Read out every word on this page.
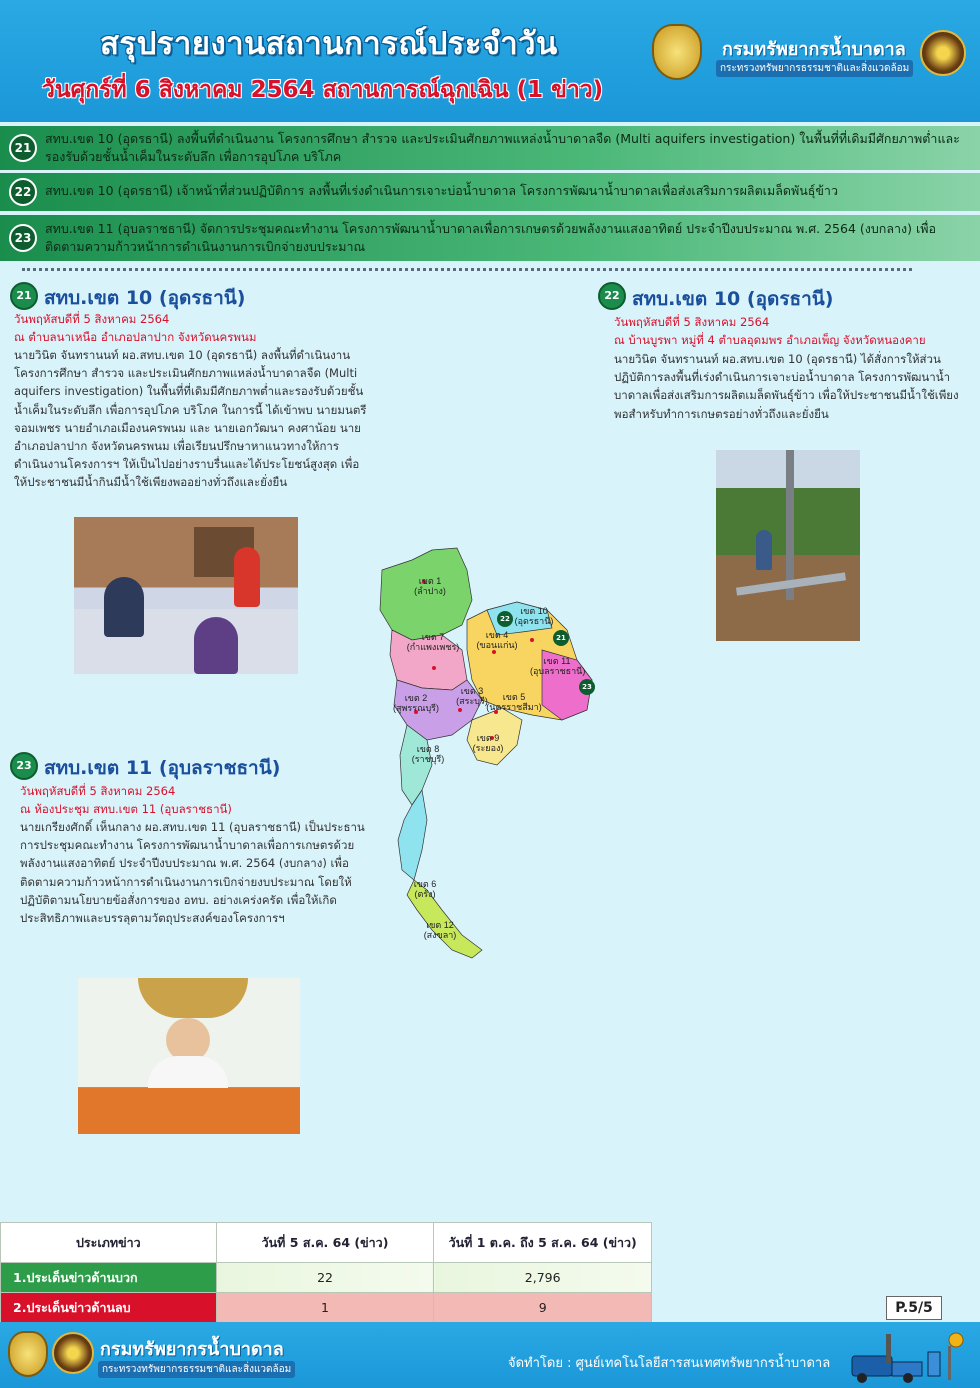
สรุปรายงานสถานการณ์ประจำวัน
วันศุกร์ที่ 6 สิงหาคม 2564 สถานการณ์ฉุกเฉิน (1 ข่าว)
กรมทรัพยากรน้ำบาดาล
กระทรวงทรัพยากรธรรมชาติและสิ่งแวดล้อม
21
สทบ.เขต 10 (อุดรธานี) ลงพื้นที่ดำเนินงาน โครงการศึกษา สำรวจ และประเมินศักยภาพแหล่งน้ำบาดาลจืด (Multi aquifers investigation) ในพื้นที่ที่เดิมมีศักยภาพต่ำและรองรับด้วยชั้นน้ำเค็มในระดับลึก เพื่อการอุปโภค บริโภค
22	สทบ.เขต 10 (อุดรธานี) เจ้าหน้าที่ส่วนปฏิบัติการ ลงพื้นที่เร่งดำเนินการเจาะบ่อน้ำบาดาล โครงการพัฒนาน้ำบาดาลเพื่อส่งเสริมการผลิตเมล็ดพันธุ์ข้าว
23
สทบ.เขต 11 (อุบลราชธานี) จัดการประชุมคณะทำงาน โครงการพัฒนาน้ำบาดาลเพื่อการเกษตรด้วยพลังงานแสงอาทิตย์ ประจำปีงบประมาณ พ.ศ. 2564 (งบกลาง) เพื่อติดตามความก้าวหน้าการดำเนินงานการเบิกจ่ายงบประมาณ
21 สทบ.เขต 10 (อุดรธานี)
วันพฤหัสบดีที่ 5 สิงหาคม 2564
ณ ตำบลนาเหนือ อำเภอปลาปาก จังหวัดนครพนม
นายวินิต จันทรานนท์ ผอ.สทบ.เขต 10 (อุดรธานี) ลงพื้นที่ดำเนินงาน โครงการศึกษา สำรวจ และประเมินศักยภาพแหล่งน้ำบาดาลจืด (Multi aquifers investigation) ในพื้นที่ที่เดิมมีศักยภาพต่ำและรองรับด้วยชั้นน้ำเค็มในระดับลึก เพื่อการอุปโภค บริโภค ในการนี้ ได้เข้าพบ นายมนตรี จอมเพชร นายอำเภอเมืองนครพนม และ นายเอกวัฒนา คงศาน้อย นายอำเภอปลาปาก จังหวัดนครพนม เพื่อเรียนปรึกษาหาแนวทางให้การดำเนินงานโครงการฯ ให้เป็นไปอย่างราบรื่นและได้ประโยชน์สูงสุด เพื่อให้ประชาชนมีน้ำกินมีน้ำใช้เพียงพออย่างทั่วถึงและยั่งยืน
22 สทบ.เขต 10 (อุดรธานี)
วันพฤหัสบดีที่ 5 สิงหาคม 2564
ณ บ้านบูรพา หมู่ที่ 4 ตำบลอุดมพร อำเภอเพ็ญ จังหวัดหนองคาย
นายวินิต จันทรานนท์ ผอ.สทบ.เขต 10 (อุดรธานี) ได้สั่งการให้ส่วนปฏิบัติการลงพื้นที่เร่งดำเนินการเจาะบ่อน้ำบาดาล โครงการพัฒนาน้ำบาดาลเพื่อส่งเสริมการผลิตเมล็ดพันธุ์ข้าว เพื่อให้ประชาชนมีน้ำใช้เพียงพอสำหรับทำการเกษตรอย่างทั่วถึงและยั่งยืน
เขต 1
(ลำปาง)
เขต 10
(อุดรธานี)
เขต 4
(ขอนแก่น)
เขต 7
(กำแพงเพชร)
เขต 11
(อุบลราชธานี)
เขต 2
(สุพรรณบุรี)
เขต 3
(สระบุรี)	เขต 5
(นครราชสีมา)
เขต 8
(ราชบุรี)
เขต 9
(ระยอง)
เขต 6
(ตรัง)
เขต 12
(สงขลา)
22
21
23
23 สทบ.เขต 11 (อุบลราชธานี)
วันพฤหัสบดีที่ 5 สิงหาคม 2564
ณ ห้องประชุม สทบ.เขต 11 (อุบลราชธานี)
นายเกรียงศักดิ์ เห็นกลาง ผอ.สทบ.เขต 11 (อุบลราชธานี) เป็นประธานการประชุมคณะทำงาน โครงการพัฒนาน้ำบาดาลเพื่อการเกษตรด้วยพลังงานแสงอาทิตย์ ประจำปีงบประมาณ พ.ศ. 2564 (งบกลาง) เพื่อติดตามความก้าวหน้าการดำเนินงานการเบิกจ่ายงบประมาณ โดยให้ปฏิบัติตามนโยบายข้อสั่งการของ อทบ. อย่างเคร่งครัด เพื่อให้เกิดประสิทธิภาพและบรรลุตามวัตถุประสงค์ของโครงการฯ
ประเภทข่าว	วันที่ 5 ส.ค. 64 (ข่าว)	วันที่ 1 ต.ค. ถึง 5 ส.ค. 64 (ข่าว)
1.ประเด็นข่าวด้านบวก	22	2,796
2.ประเด็นข่าวด้านลบ	1	9	P.5/5
กรมทรัพยากรน้ำบาดาล
กระทรวงทรัพยากรธรรมชาติและสิ่งแวดล้อม	จัดทำโดย : ศูนย์เทคโนโลยีสารสนเทศทรัพยากรน้ำบาดาล
